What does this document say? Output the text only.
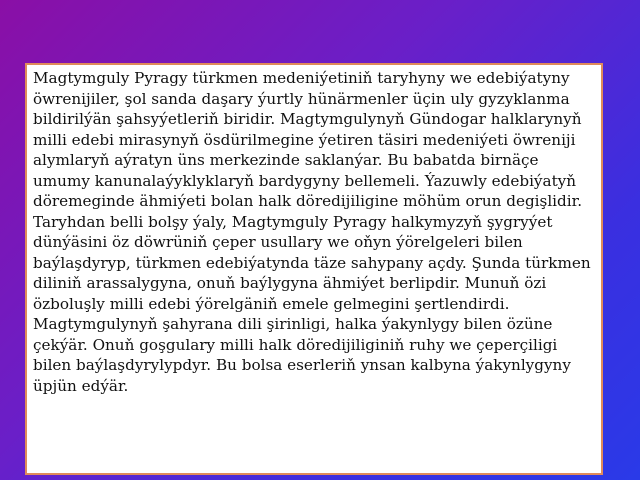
Magtymguly Pyragy türkmen medeniýetiniň taryhyny we edebiýatyny öwrenijiler, şol sanda daşary ýurtly hünärmenler üçin uly gyzyklanma bildirilýän şahsyýetleriň biridir. Magtymgulynyň Gündogar halklarynyň milli edebi mirasynyň ösdürilmegine ýetiren täsiri medeniýeti öwreniji alymlaryň aýratyn üns merkezinde saklanýar. Bu babatda birnäçe umumy kanunalaýyklyklaryň bardygyny bellemeli. Ýazuwly edebiýatyň döremeginde ähmiýeti bolan halk döredijiligine möhüm orun degişlidir.

Taryhdan belli bolşy ýaly, Magtymguly Pyragy halkymyzyň şygryýet dünýäsini öz döwrüniň çeper usullary we oňyn ýörelgeleri bilen baýlaşdyryp, türkmen edebiýatynda täze sahypany açdy. Şunda türkmen diliniň arassalygyna, onuň baýlygyna ähmiýet berlipdir. Munuň özi özboluşly milli edebi ýörelgäniň emele gelmegini şertlendirdi. Magtymgulynyň şahyrana dili şirinligi, halka ýakynlygy bilen özüne çekýär. Onuň goşgulary milli halk döredijiliginiň ruhy we çeperçiligi bilen baýlaşdyrylypdyr. Bu bolsa eserleriň ynsan kalbyna ýakynlygyny üpjün edýär.
